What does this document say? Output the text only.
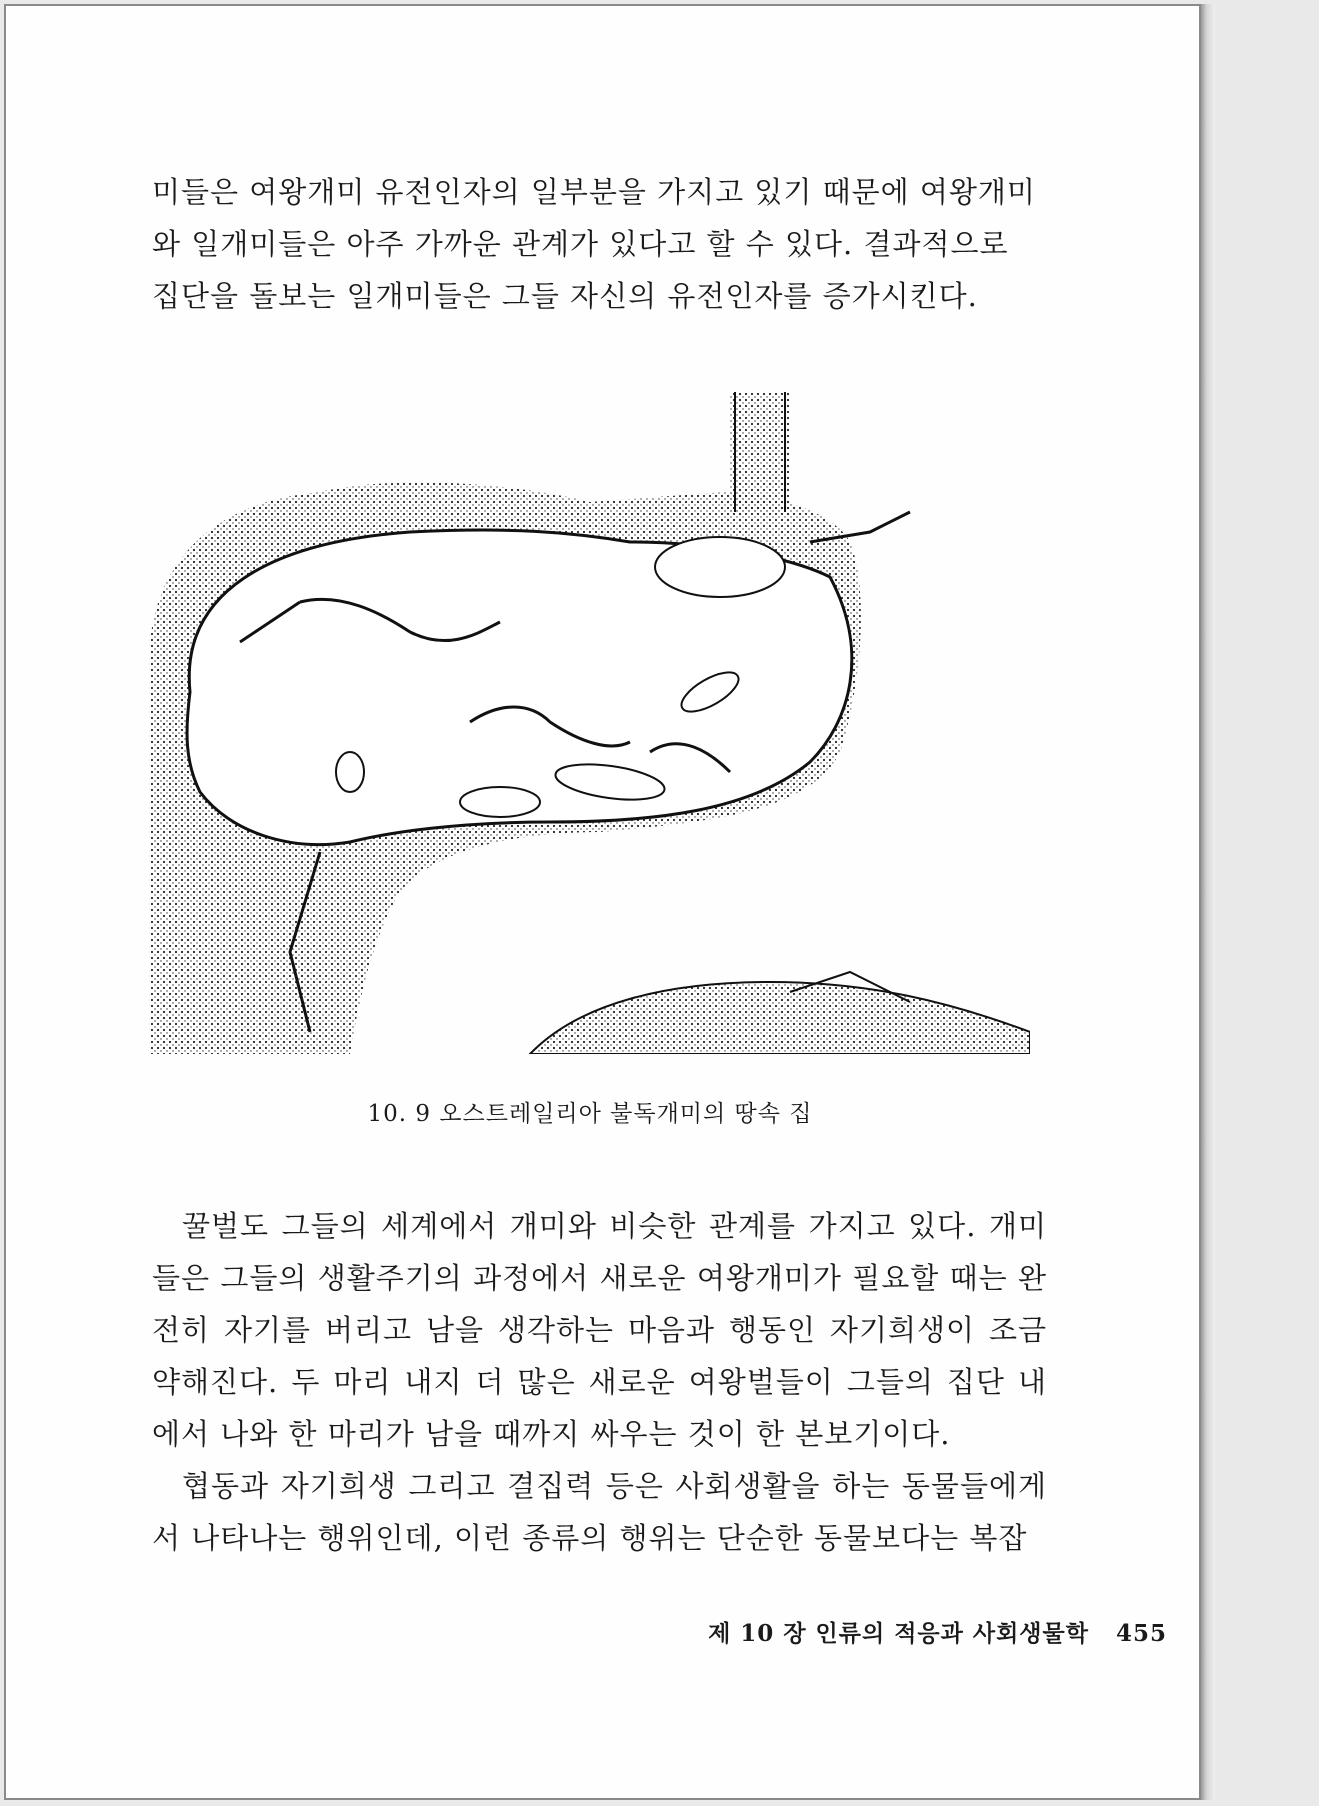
미들은 여왕개미 유전인자의 일부분을 가지고 있기 때문에 여왕개미

와 일개미들은 아주 가까운 관계가 있다고 할 수 있다. 결과적으로

집단을 돌보는 일개미들은 그들 자신의 유전인자를 증가시킨다.

10. 9 오스트레일리아 불독개미의 땅속 집

꿀벌도 그들의 세계에서 개미와 비슷한 관계를 가지고 있다. 개미들은 그들의 생활주기의 과정에서 새로운 여왕개미가 필요할 때는 완전히 자기를 버리고 남을 생각하는 마음과 행동인 자기희생이 조금 약해진다. 두 마리 내지 더 많은 새로운 여왕벌들이 그들의 집단 내에서 나와 한 마리가 남을 때까지 싸우는 것이 한 본보기이다.

협동과 자기희생 그리고 결집력 등은 사회생활을 하는 동물들에게서 나타나는 행위인데, 이런 종류의 행위는 단순한 동물보다는 복잡

제 10 장 인류의 적응과 사회생물학 455
